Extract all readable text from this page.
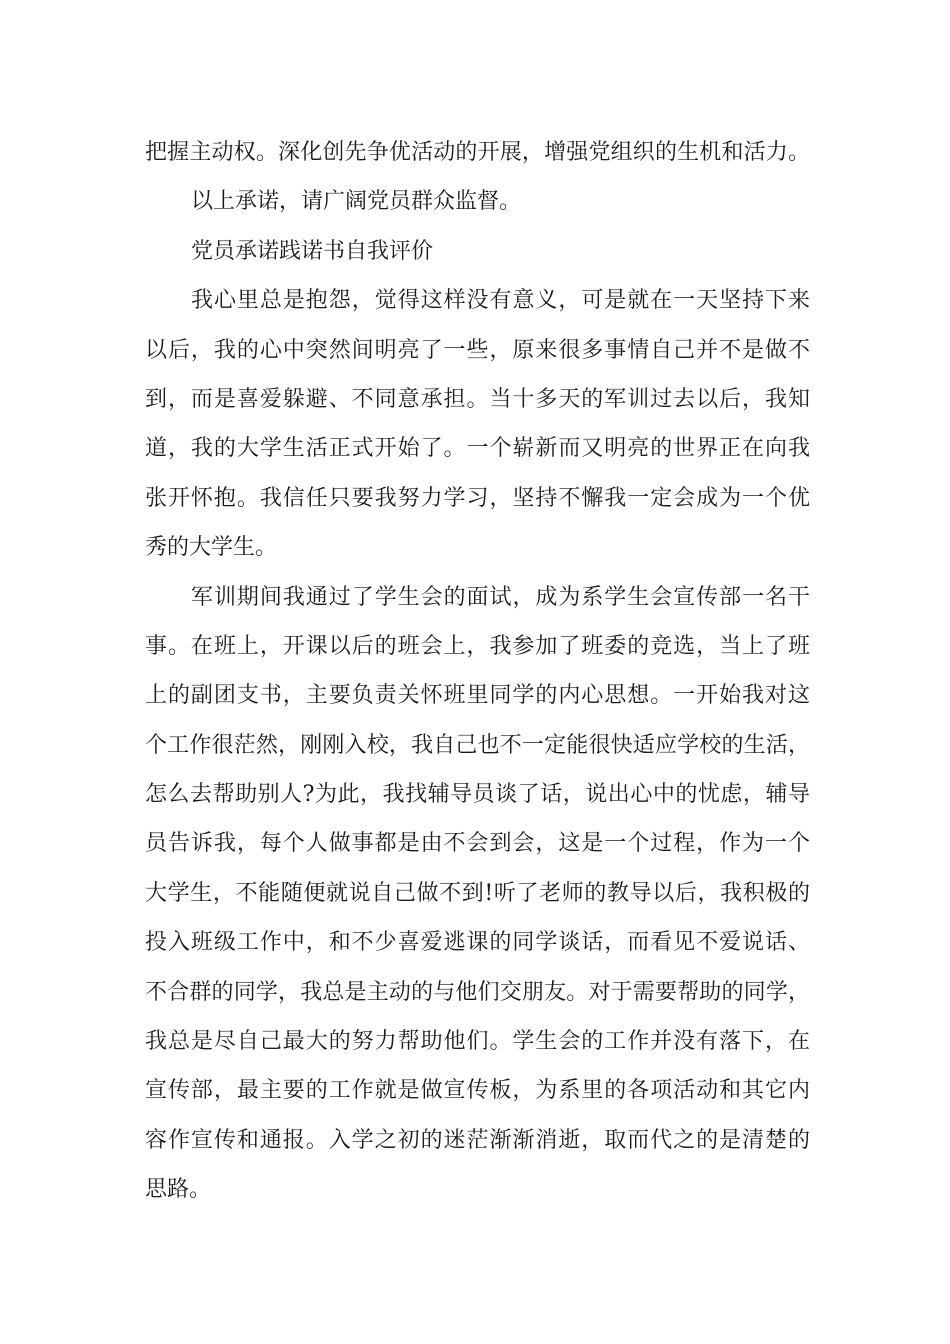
把握主动权。深化创先争优活动的开展，增强党组织的生机和活力。
以上承诺，请广阔党员群众监督。
党员承诺践诺书自我评价
我心里总是抱怨，觉得这样没有意义，可是就在一天坚持下来
以后，我的心中突然间明亮了一些，原来很多事情自己并不是做不
到，而是喜爱躲避、不同意承担。当十多天的军训过去以后，我知
道，我的大学生活正式开始了。一个崭新而又明亮的世界正在向我
张开怀抱。我信任只要我努力学习，坚持不懈我一定会成为一个优
秀的大学生。
军训期间我通过了学生会的面试，成为系学生会宣传部一名干
事。在班上，开课以后的班会上，我参加了班委的竞选，当上了班
上的副团支书，主要负责关怀班里同学的内心思想。一开始我对这
个工作很茫然，刚刚入校，我自己也不一定能很快适应学校的生活，
怎么去帮助别人?为此，我找辅导员谈了话，说出心中的忧虑，辅导
员告诉我，每个人做事都是由不会到会，这是一个过程，作为一个
大学生，不能随便就说自己做不到!听了老师的教导以后，我积极的
投入班级工作中，和不少喜爱逃课的同学谈话，而看见不爱说话、
不合群的同学，我总是主动的与他们交朋友。对于需要帮助的同学，
我总是尽自己最大的努力帮助他们。学生会的工作并没有落下，在
宣传部，最主要的工作就是做宣传板，为系里的各项活动和其它内
容作宣传和通报。入学之初的迷茫渐渐消逝，取而代之的是清楚的
思路。
